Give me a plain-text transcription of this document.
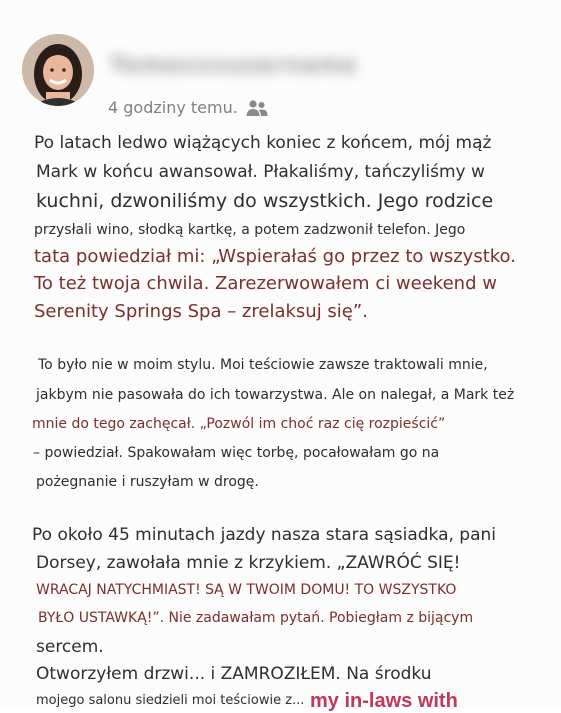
Yomexxxusername
4 godziny temu.
Po latach ledwo wiążących koniec z końcem, mój mąż
Mark w końcu awansował. Płakaliśmy, tańczyliśmy w
kuchni, dzwoniliśmy do wszystkich. Jego rodzice
przysłali wino, słodką kartkę, a potem zadzwonił telefon. Jego
tata powiedział mi: „Wspierałaś go przez to wszystko.
To też twoja chwila. Zarezerwowałem ci weekend w
Serenity Springs Spa – zrelaksuj się”.
To było nie w moim stylu. Moi teściowie zawsze traktowali mnie,
jakbym nie pasowała do ich towarzystwa. Ale on nalegał, a Mark też
mnie do tego zachęcał. „Pozwól im choć raz cię rozpieścić”
– powiedział. Spakowałam więc torbę, pocałowałam go na
pożegnanie i ruszyłam w drogę.
Po około 45 minutach jazdy nasza stara sąsiadka, pani
Dorsey, zawołała mnie z krzykiem. „ZAWRÓĆ SIĘ!
WRACAJ NATYCHMIAST! SĄ W TWOIM DOMU! TO WSZYSTKO
BYŁO USTAWKĄ!”. Nie zadawałam pytań. Pobiegłam z bijącym
sercem.
Otworzyłem drzwi... i ZAMROZIŁEM. Na środku
mojego salonu siedzieli moi teściowie z... my in-laws with
